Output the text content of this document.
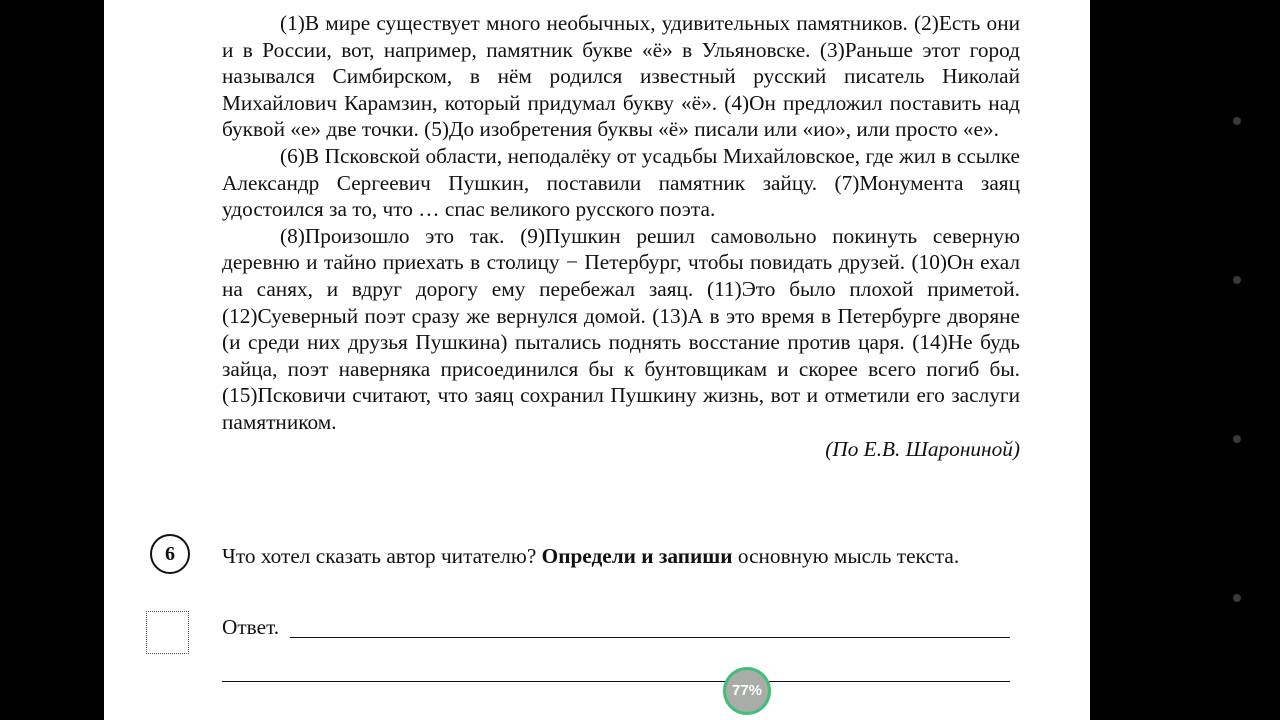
(1)В мире существует много необычных, удивительных памятников. (2)Есть они и в России, вот, например, памятник букве «ё» в Ульяновске. (3)Раньше этот город назывался Симбирском, в нём родился известный русский писатель Николай Михайлович Карамзин, который придумал букву «ё». (4)Он предложил поставить над буквой «е» две точки. (5)До изобретения буквы «ё» писали или «ио», или просто «е».

(6)В Псковской области, неподалёку от усадьбы Михайловское, где жил в ссылке Александр Сергеевич Пушкин, поставили памятник зайцу. (7)Монумента заяц удостоился за то, что … спас великого русского поэта.

(8)Произошло это так. (9)Пушкин решил самовольно покинуть северную деревню и тайно приехать в столицу − Петербург, чтобы повидать друзей. (10)Он ехал на санях, и вдруг дорогу ему перебежал заяц. (11)Это было плохой приметой. (12)Суеверный поэт сразу же вернулся домой. (13)А в это время в Петербурге дворяне (и среди них друзья Пушкина) пытались поднять восстание против царя. (14)Не будь зайца, поэт наверняка присоединился бы к бунтовщикам и скорее всего погиб бы. (15)Псковичи считают, что заяц сохранил Пушкину жизнь, вот и отметили его заслуги памятником.

(По Е.В. Шарониной)
6	Что хотел сказать автор читателю? Определи и запиши основную мысль текста.
Ответ.
77%
